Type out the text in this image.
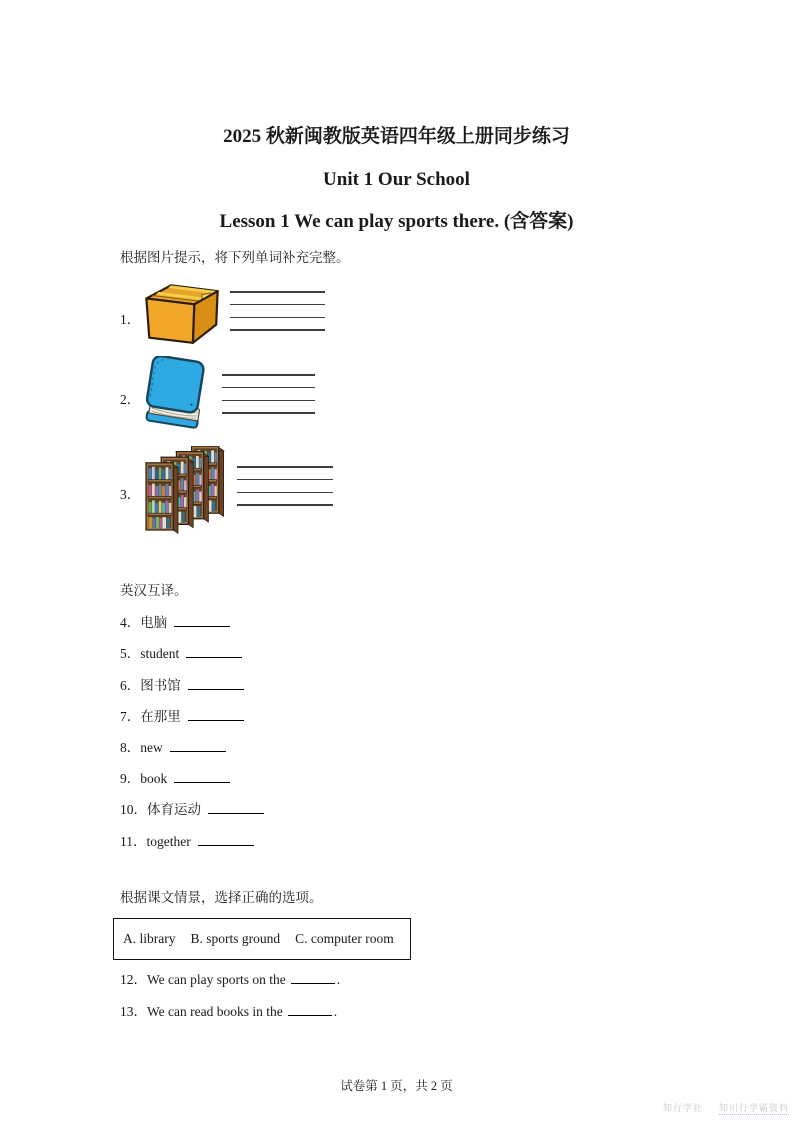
2025 秋新闽教版英语四年级上册同步练习
Unit 1 Our School
Lesson 1 We can play sports there. (含答案)
根据图片提示，将下列单词补充完整。
1．
2．
3．
英汉互译。
4．电脑
5．student
6．图书馆
7．在那里
8．new
9．book
10．体育运动
11．together
根据课文情景，选择正确的选项。
A. library B. sports ground C. computer room
12．We can play sports on the	.
13．We can read books in the	.
试卷第 1 页，共 2 页
知行学社 知川行学霸资料
